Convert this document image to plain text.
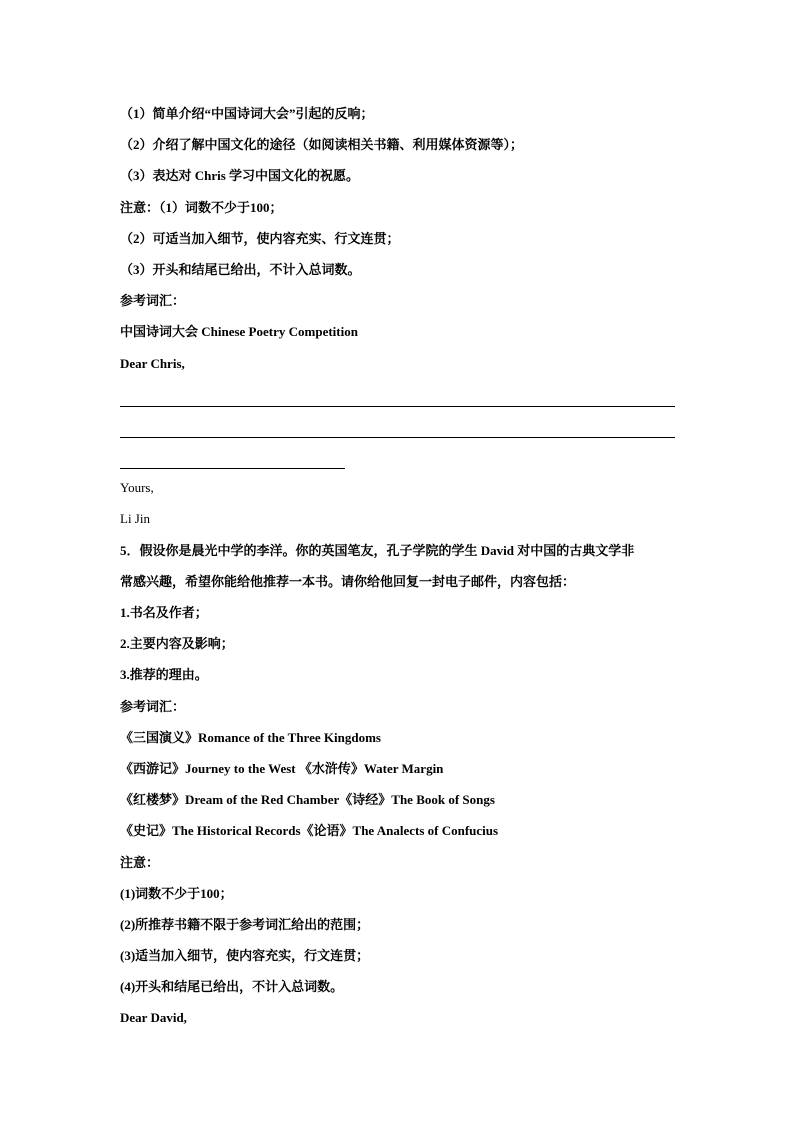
（1）简单介绍“中国诗词大会”引起的反响；
（2）介绍了解中国文化的途径（如阅读相关书籍、利用媒体资源等）；
（3）表达对 Chris 学习中国文化的祝愿。
注意：（1）词数不少于100；
（2）可适当加入细节，使内容充实、行文连贯；
（3）开头和结尾已给出，不计入总词数。
参考词汇：
中国诗词大会 Chinese Poetry Competition
Dear Chris,
Yours,
Li Jin
5．假设你是晨光中学的李洋。你的英国笔友，孔子学院的学生 David 对中国的古典文学非
常感兴趣，希望你能给他推荐一本书。请你给他回复一封电子邮件，内容包括：
1.书名及作者；
2.主要内容及影响；
3.推荐的理由。
参考词汇：
《三国演义》Romance of the Three Kingdoms
《西游记》Journey to the West 《水浒传》Water Margin
《红楼梦》Dream of the Red Chamber《诗经》The Book of Songs
《史记》The Historical Records《论语》The Analects of Confucius
注意：
(1)词数不少于100；
(2)所推荐书籍不限于参考词汇给出的范围；
(3)适当加入细节，使内容充实，行文连贯；
(4)开头和结尾已给出，不计入总词数。
Dear David,
